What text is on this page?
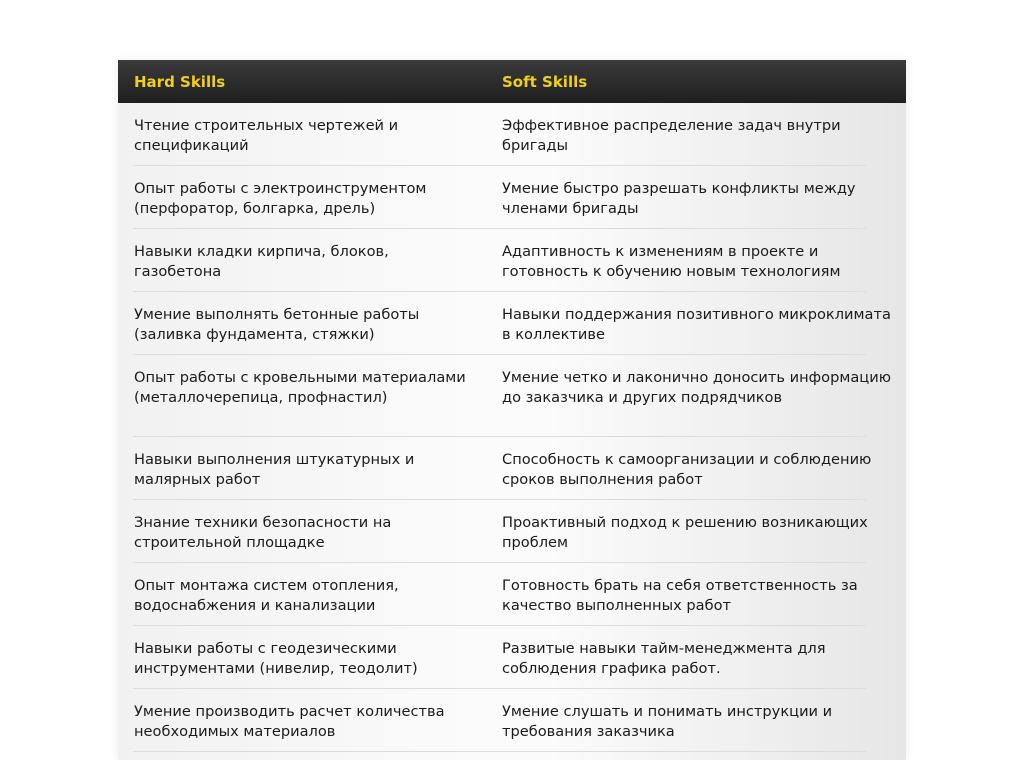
Hard Skills	Soft Skills
Чтение строительных чертежей и спецификаций
Эффективное распределение задач внутри бригады
Опыт работы с электроинструментом (перфоратор, болгарка, дрель)
Умение быстро разрешать конфликты между членами бригады
Навыки кладки кирпича, блоков, газобетона
Адаптивность к изменениям в проекте и готовность к обучению новым технологиям
Умение выполнять бетонные работы (заливка фундамента, стяжки)
Навыки поддержания позитивного микроклимата в коллективе
Опыт работы с кровельными материалами (металлочерепица, профнастил)
Умение четко и лаконично доносить информацию до заказчика и других подрядчиков
Навыки выполнения штукатурных и малярных работ
Способность к самоорганизации и соблюдению сроков выполнения работ
Знание техники безопасности на строительной площадке
Проактивный подход к решению возникающих проблем
Опыт монтажа систем отопления, водоснабжения и канализации
Готовность брать на себя ответственность за качество выполненных работ
Навыки работы с геодезическими инструментами (нивелир, теодолит)
Развитые навыки тайм-менеджмента для соблюдения графика работ.
Умение производить расчет количества необходимых материалов
Умение слушать и понимать инструкции и требования заказчика
